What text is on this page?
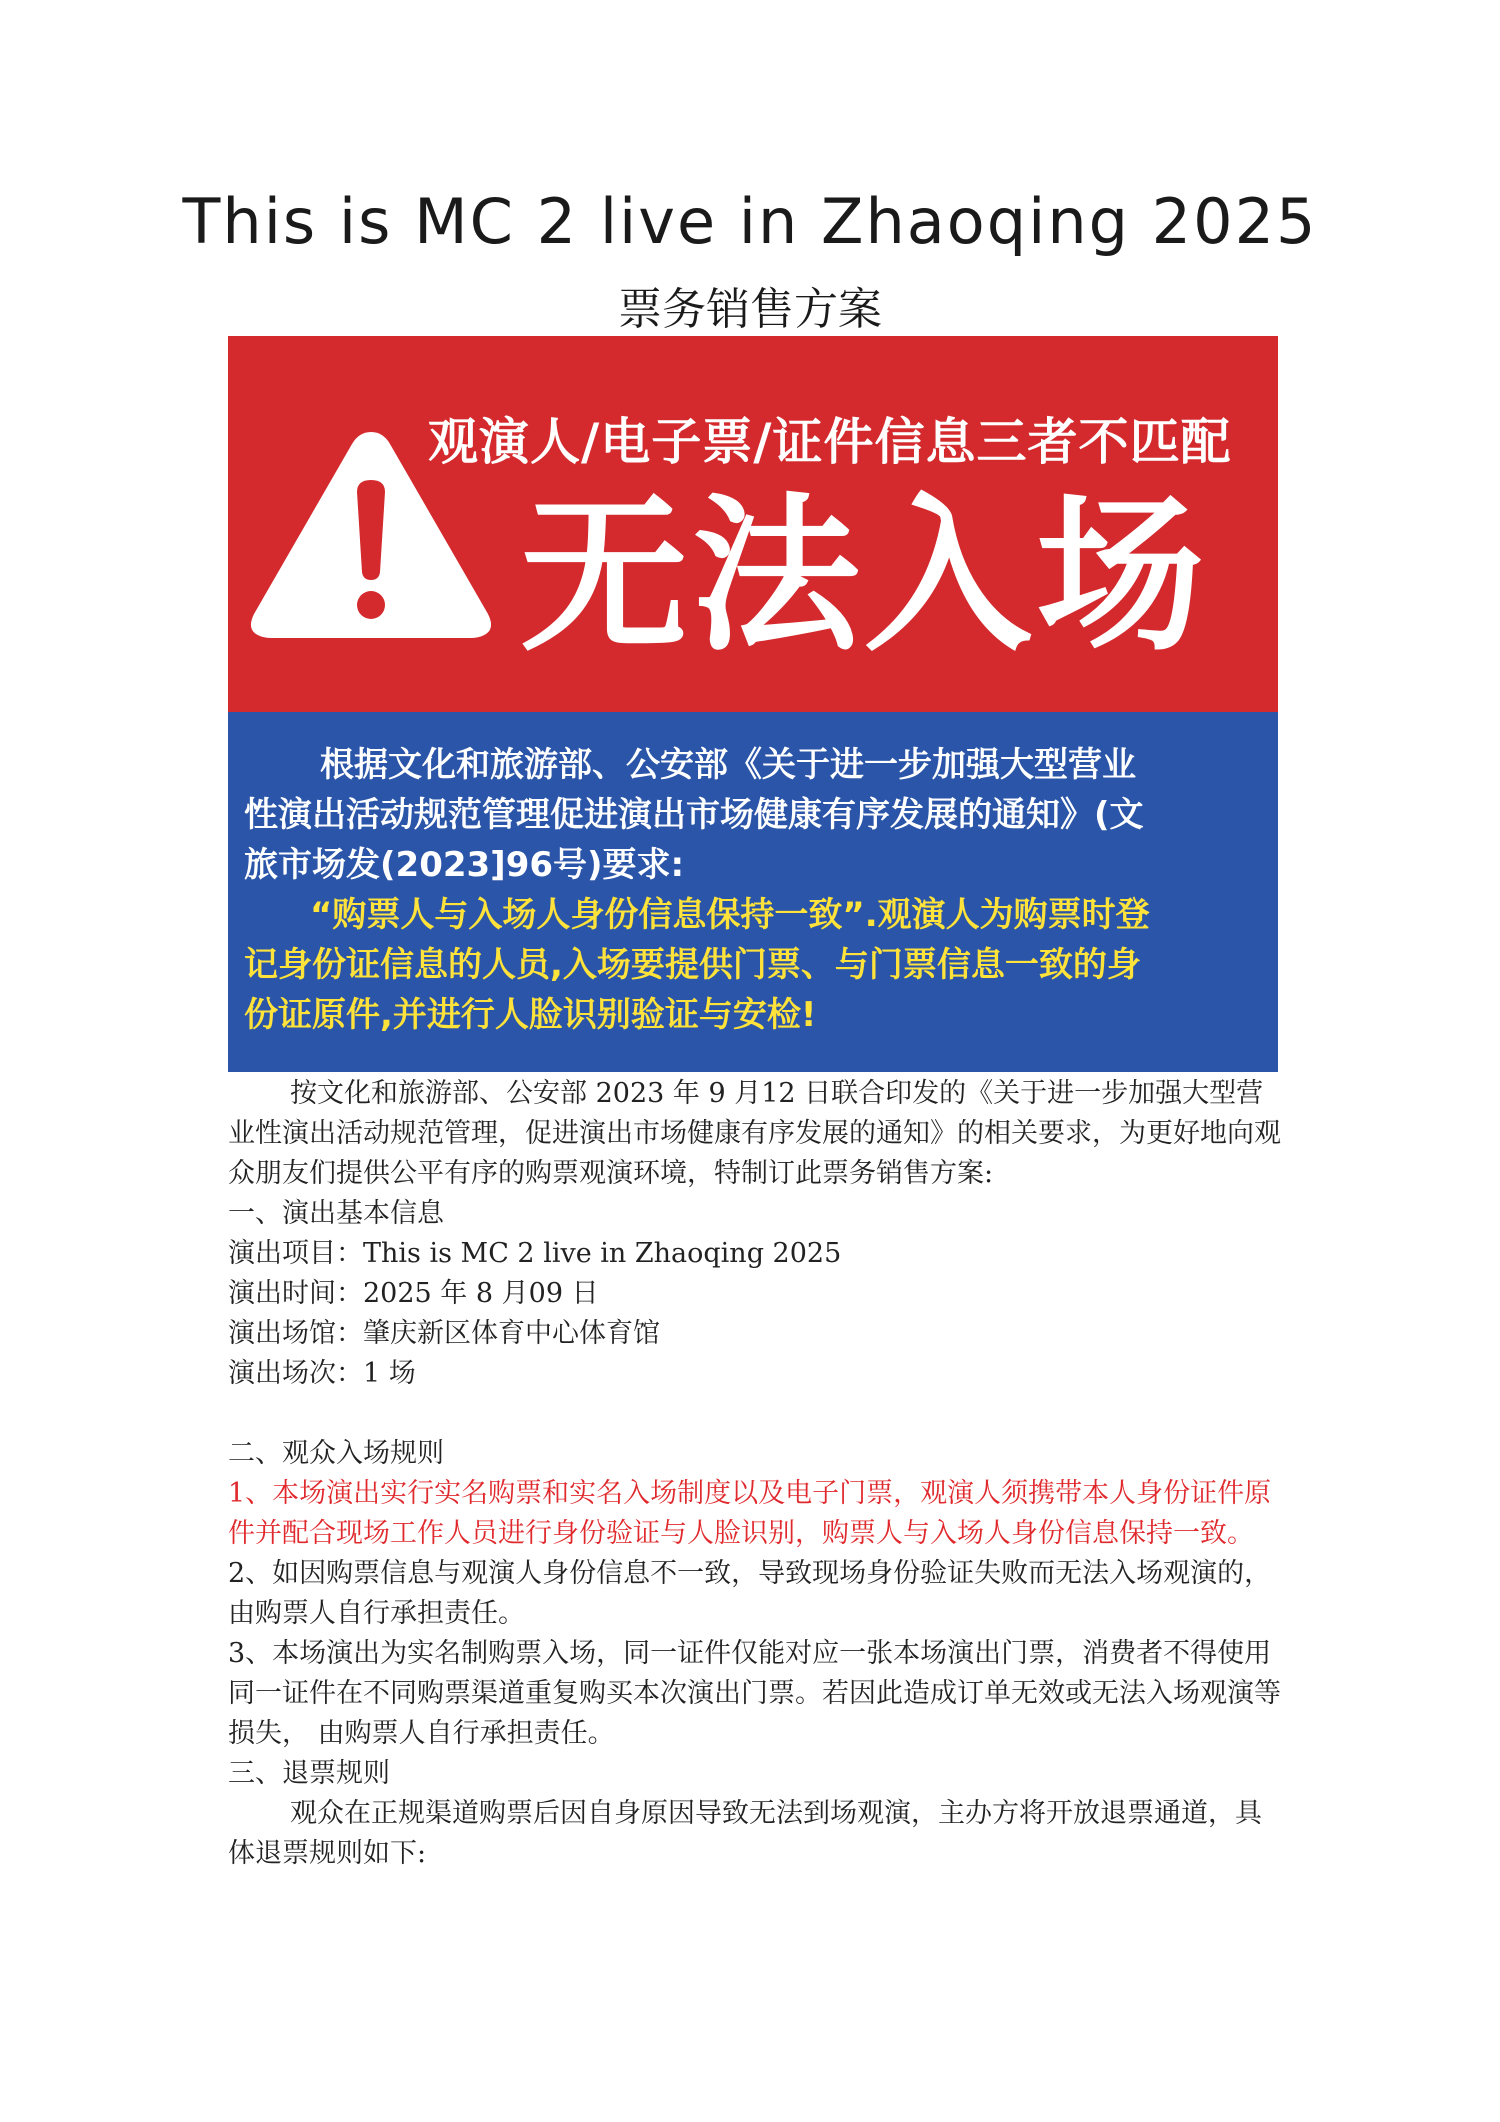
This is MC 2 live in Zhaoqing 2025
票务销售方案
观演人/电子票/证件信息三者不匹配
无法入场
根据文化和旅游部、公安部《关于进一步加强大型营业
性演出活动规范管理促进演出市场健康有序发展的通知》(文
旅市场发(2023]96号)要求:
“购票人与入场人身份信息保持一致”.观演人为购票时登
记身份证信息的人员,入场要提供门票、与门票信息一致的身
份证原件,并进行人脸识别验证与安检!

按文化和旅游部、公安部 2023 年 9 月12 日联合印发的《关于进一步加强大型营业性演出活动规范管理，促进演出市场健康有序发展的通知》的相关要求，为更好地向观众朋友们提供公平有序的购票观演环境，特制订此票务销售方案:

一、演出基本信息

演出项目：This is MC 2 live in Zhaoqing 2025

演出时间：2025 年 8 月09 日

演出场馆：肇庆新区体育中心体育馆

演出场次：1 场

二、观众入场规则

1、本场演出实行实名购票和实名入场制度以及电子门票，观演人须携带本人身份证件原件并配合现场工作人员进行身份验证与人脸识别，购票人与入场人身份信息保持一致。

2、如因购票信息与观演人身份信息不一致，导致现场身份验证失败而无法入场观演的， 由购票人自行承担责任。

3、本场演出为实名制购票入场，同一证件仅能对应一张本场演出门票，消费者不得使用同一证件在不同购票渠道重复购买本次演出门票。若因此造成订单无效或无法入场观演等损失， 由购票人自行承担责任。

三、退票规则

观众在正规渠道购票后因自身原因导致无法到场观演，主办方将开放退票通道，具体退票规则如下:
